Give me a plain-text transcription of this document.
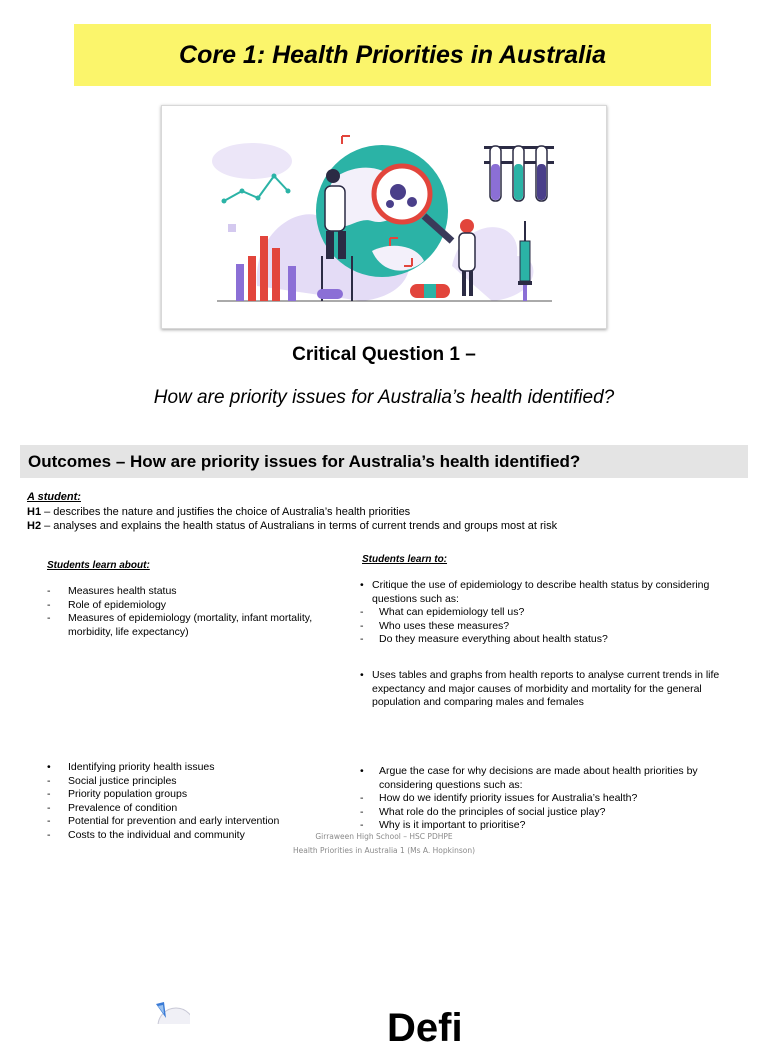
Core 1: Health Priorities in Australia
Critical Question 1 –
How are priority issues for Australia’s health identified?
Outcomes – How are priority issues for Australia’s health identified?
A student:
H1 – describes the nature and justifies the choice of Australia’s health priorities
H2 – analyses and explains the health status of Australians in terms of current trends and groups most at risk
Students learn about:
-	Measures health status
-	Role of epidemiology
-	Measures of epidemiology (mortality, infant mortality, morbidity, life expectancy)
•	Identifying priority health issues
-	Social justice principles
-	Priority population groups
-	Prevalence of condition
-	Potential for prevention and early intervention
-	Costs to the individual and community
Students learn to:
• Critique the use of epidemiology to describe health status by considering questions such as:
-	What can epidemiology tell us?
-	Who uses these measures?
-	Do they measure everything about health status?
• Uses tables and graphs from health reports to analyse current trends in life expectancy and major causes of morbidity and mortality for the general population and comparing males and females
•	Argue the case for why decisions are made about health priorities by considering questions such as:
-	How do we identify priority issues for Australia’s health?
-	What role do the principles of social justice play?
-	Why is it important to prioritise?
Girraween High School – HSC PDHPE
Health Priorities in Australia 1 (Ms A. Hopkinson)
Defi
